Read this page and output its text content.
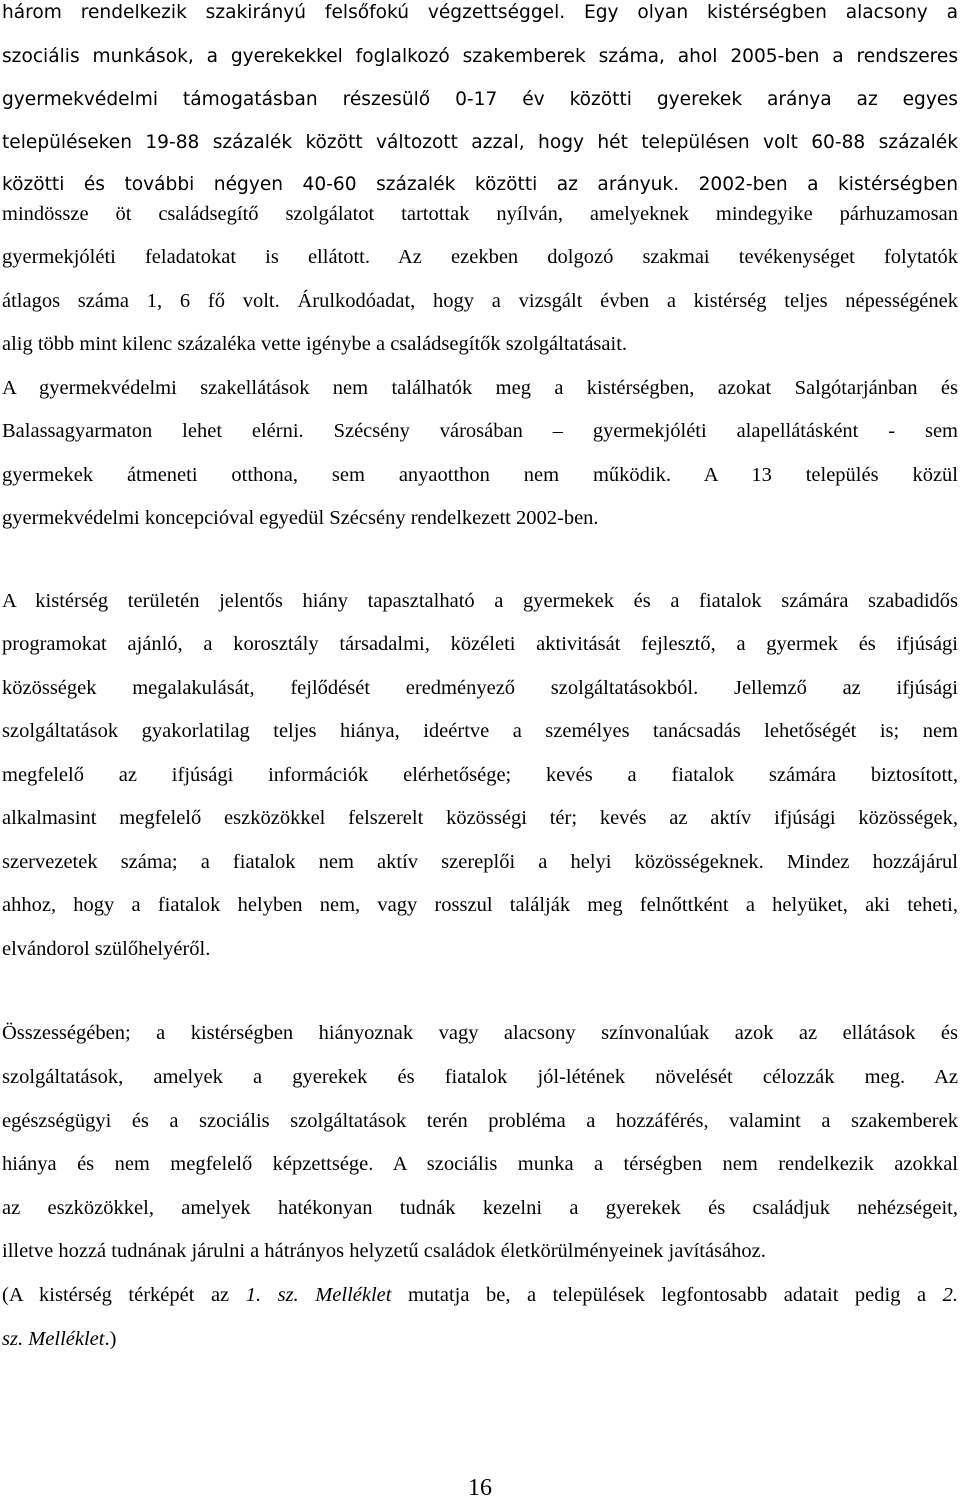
három rendelkezik szakirányú felsőfokú végzettséggel. Egy olyan kistérségben alacsony a
szociális munkások, a gyerekekkel foglalkozó szakemberek száma, ahol 2005-ben a rendszeres
gyermekvédelmi támogatásban részesülő 0-17 év közötti gyerekek aránya az egyes
településeken 19-88 százalék között változott azzal, hogy hét településen volt 60-88 százalék
közötti és további négyen 40-60 százalék közötti az arányuk. 2002-ben a kistérségben
mindössze öt családsegítő szolgálatot tartottak nyílván, amelyeknek mindegyike párhuzamosan
gyermekjóléti feladatokat is ellátott. Az ezekben dolgozó szakmai tevékenységet folytatók
átlagos száma 1, 6 fő volt. Árulkodóadat, hogy a vizsgált évben a kistérség teljes népességének
alig több mint kilenc százaléka vette igénybe a családsegítők szolgáltatásait.
A gyermekvédelmi szakellátások nem találhatók meg a kistérségben, azokat Salgótarjánban és
Balassagyarmaton lehet elérni. Szécsény városában – gyermekjóléti alapellátásként - sem
gyermekek átmeneti otthona, sem anyaotthon nem működik. A 13 település közül
gyermekvédelmi koncepcióval egyedül Szécsény rendelkezett 2002-ben.
A kistérség területén jelentős hiány tapasztalható a gyermekek és a fiatalok számára szabadidős
programokat ajánló, a korosztály társadalmi, közéleti aktivitását fejlesztő, a gyermek és ifjúsági
közösségek megalakulását, fejlődését eredményező szolgáltatásokból. Jellemző az ifjúsági
szolgáltatások gyakorlatilag teljes hiánya, ideértve a személyes tanácsadás lehetőségét is; nem
megfelelő az ifjúsági információk elérhetősége; kevés a fiatalok számára biztosított,
alkalmasint megfelelő eszközökkel felszerelt közösségi tér; kevés az aktív ifjúsági közösségek,
szervezetek száma; a fiatalok nem aktív szereplői a helyi közösségeknek. Mindez hozzájárul
ahhoz, hogy a fiatalok helyben nem, vagy rosszul találják meg felnőttként a helyüket, aki teheti,
elvándorol szülőhelyéről.
Összességében; a kistérségben hiányoznak vagy alacsony színvonalúak azok az ellátások és
szolgáltatások, amelyek a gyerekek és fiatalok jól-létének növelését célozzák meg. Az
egészségügyi és a szociális szolgáltatások terén probléma a hozzáférés, valamint a szakemberek
hiánya és nem megfelelő képzettsége. A szociális munka a térségben nem rendelkezik azokkal
az eszközökkel, amelyek hatékonyan tudnák kezelni a gyerekek és családjuk nehézségeit,
illetve hozzá tudnának járulni a hátrányos helyzetű családok életkörülményeinek javításához.
(A kistérség térképét az 1. sz. Melléklet mutatja be, a települések legfontosabb adatait pedig a 2.
sz. Melléklet.)
16
